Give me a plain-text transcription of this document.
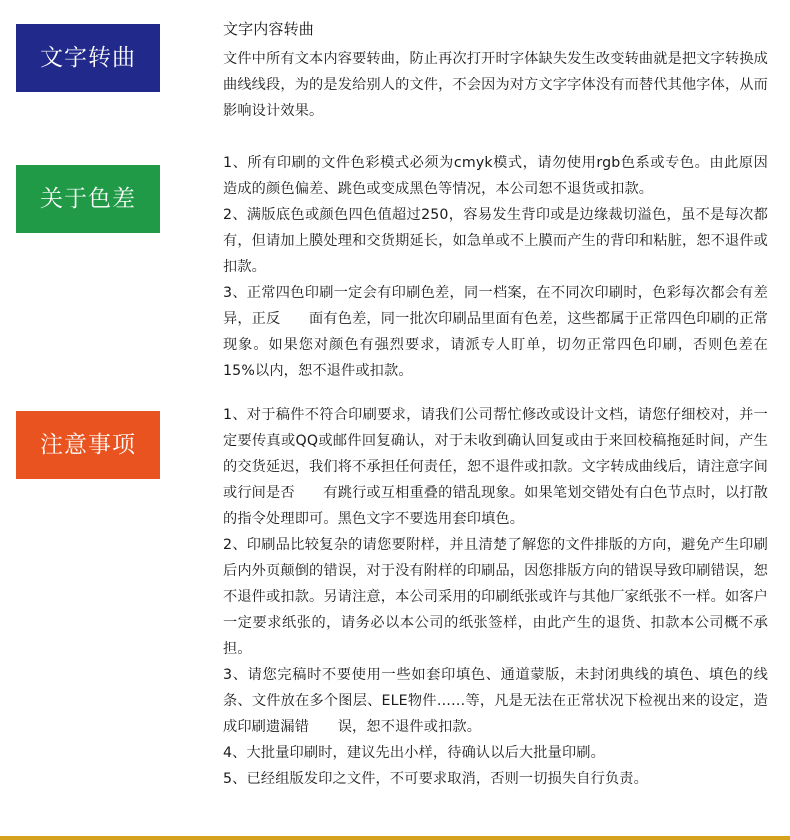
文字转曲
关于色差
注意事项
文字内容转曲

文件中所有文本内容要转曲，防止再次打开时字体缺失发生改变转曲就是把文字转换成曲线线段，为的是发给别人的文件，不会因为对方文字字体没有而替代其他字体，从而影响设计效果。

1、所有印刷的文件色彩模式必须为cmyk模式，请勿使用rgb色系或专色。由此原因造成的颜色偏差、跳色或变成黑色等情况，本公司恕不退货或扣款。

2、满版底色或颜色四色值超过250，容易发生背印或是边缘裁切溢色，虽不是每次都有，但请加上膜处理和交货期延长，如急单或不上膜而产生的背印和粘脏，恕不退件或扣款。

3、正常四色印刷一定会有印刷色差，同一档案，在不同次印刷时，色彩每次都会有差异，正反　　面有色差，同一批次印刷品里面有色差，这些都属于正常四色印刷的正常现象。如果您对颜色有强烈要求，请派专人盯单，切勿正常四色印刷，否则色差在15%以内，恕不退件或扣款。

1、对于稿件不符合印刷要求，请我们公司帮忙修改或设计文档，请您仔细校对，并一定要传真或QQ或邮件回复确认，对于未收到确认回复或由于来回校稿拖延时间，产生的交货延迟，我们将不承担任何责任，恕不退件或扣款。文字转成曲线后，请注意字间或行间是否　　有跳行或互相重叠的错乱现象。如果笔划交错处有白色节点时，以打散的指令处理即可。黑色文字不要选用套印填色。

2、印刷品比较复杂的请您要附样，并且清楚了解您的文件排版的方向，避免产生印刷后内外页颠倒的错误，对于没有附样的印刷品，因您排版方向的错误导致印刷错误，恕不退件或扣款。另请注意，本公司采用的印刷纸张或许与其他厂家纸张不一样。如客户一定要求纸张的，请务必以本公司的纸张签样，由此产生的退货、扣款本公司概不承担。

3、请您完稿时不要使用一些如套印填色、通道蒙版，未封闭典线的填色、填色的线条、文件放在多个图层、ELE物件……等，凡是无法在正常状况下检视出来的设定，造成印刷遗漏错　　误，恕不退件或扣款。

4、大批量印刷时，建议先出小样，待确认以后大批量印刷。

5、已经组版发印之文件，不可要求取消，否则一切损失自行负责。
